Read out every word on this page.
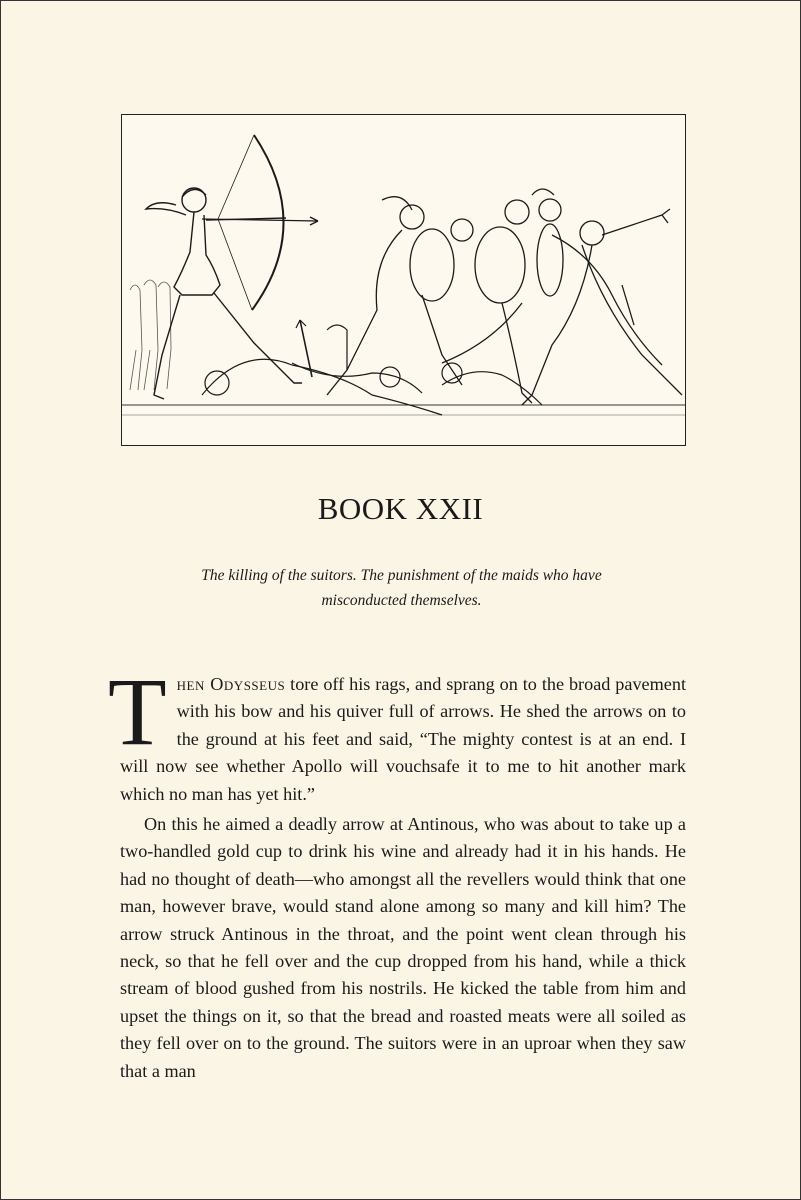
BOOK XXII
The killing of the suitors. The punishment of the maids who have
misconducted themselves.

Then Odysseus tore off his rags, and sprang on to the broad pavement with his bow and his quiver full of arrows. He shed the arrows on to the ground at his feet and said, “The mighty contest is at an end. I will now see whether Apollo will vouchsafe it to me to hit another mark which no man has yet hit.”

On this he aimed a deadly arrow at Antinous, who was about to take up a two-handled gold cup to drink his wine and already had it in his hands. He had no thought of death—who amongst all the revellers would think that one man, however brave, would stand alone among so many and kill him? The arrow struck Antinous in the throat, and the point went clean through his neck, so that he fell over and the cup dropped from his hand, while a thick stream of blood gushed from his nostrils. He kicked the table from him and upset the things on it, so that the bread and roasted meats were all soiled as they fell over on to the ground. The suitors were in an uproar when they saw that a man
